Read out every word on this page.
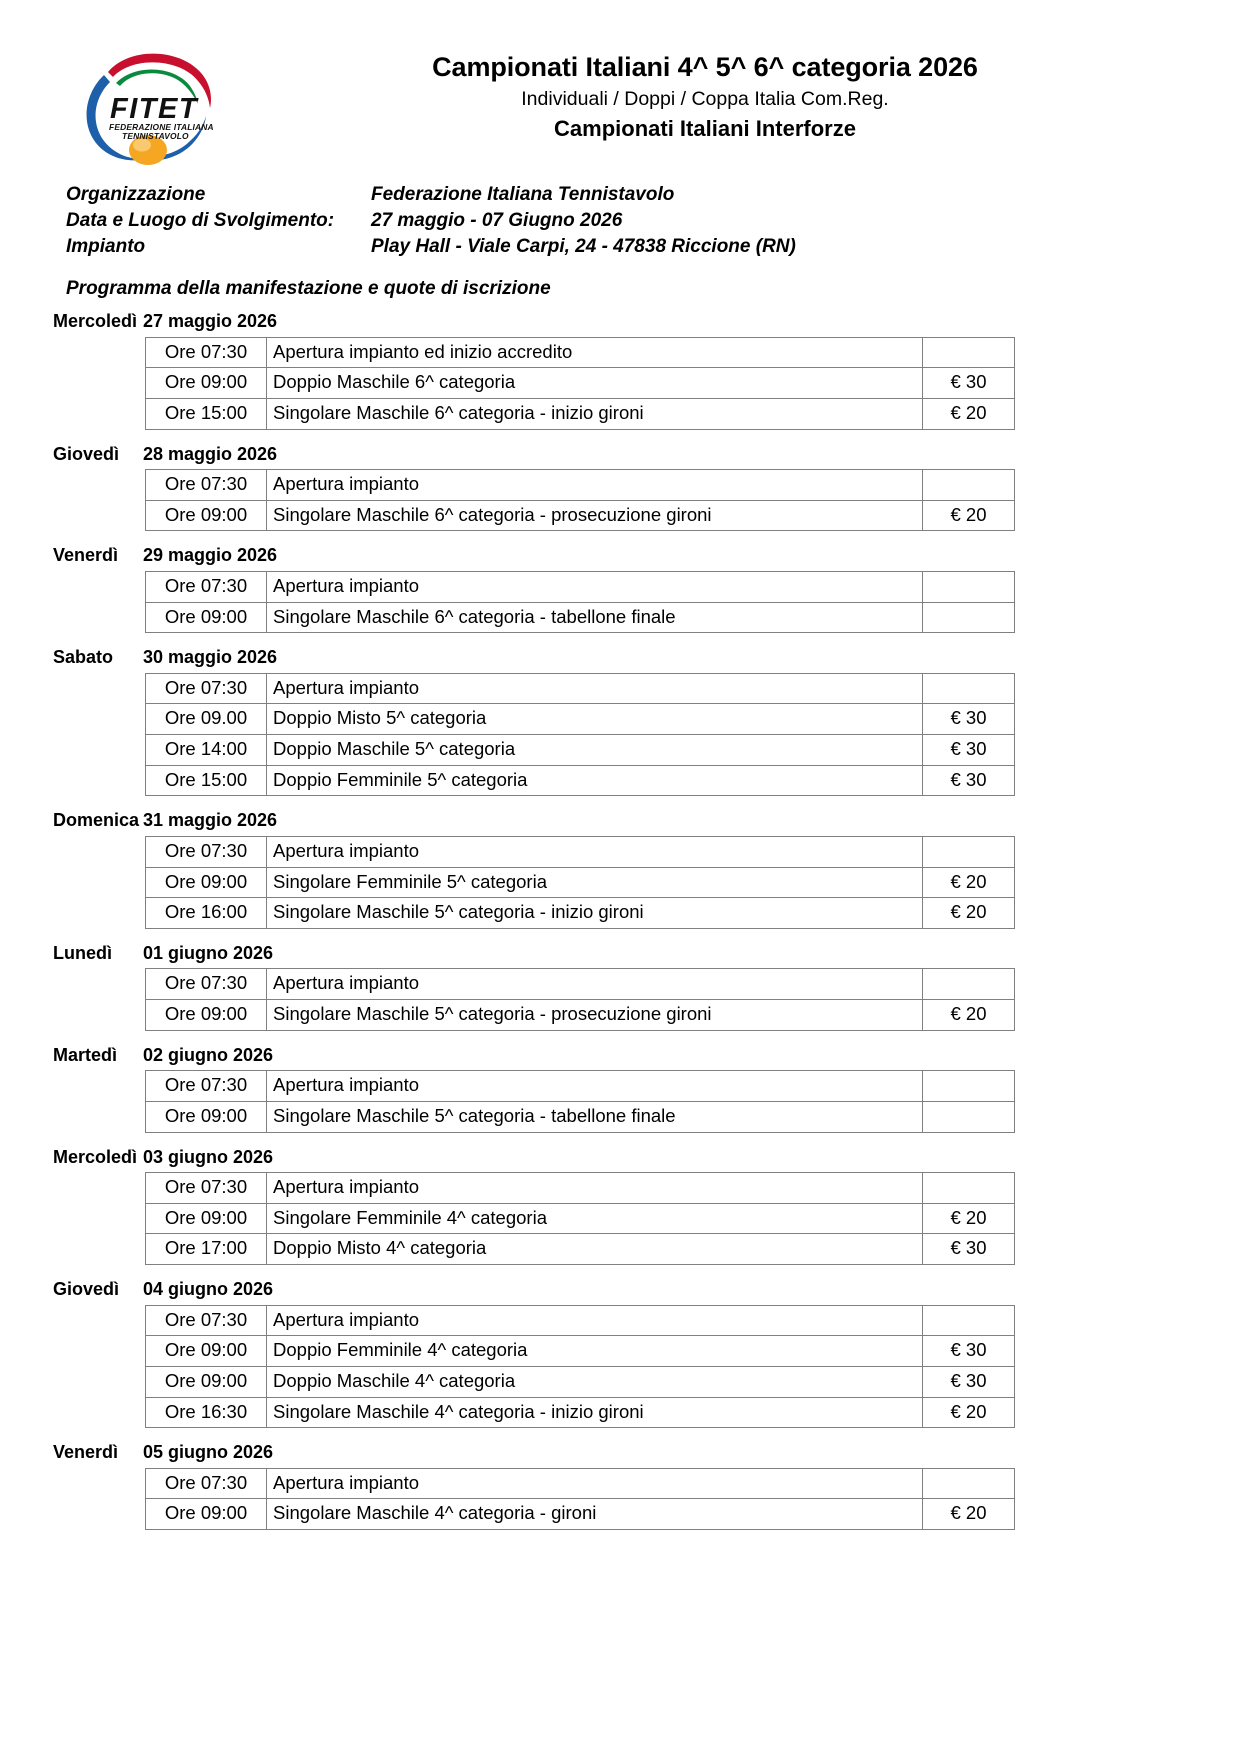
FITET
FEDERAZIONE ITALIANA
TENNISTAVOLO
Campionati Italiani 4^ 5^ 6^ categoria 2026
Individuali / Doppi / Coppa Italia Com.Reg.
Campionati Italiani Interforze
Organizzazione	Federazione Italiana Tennistavolo
Data e Luogo di Svolgimento:	27 maggio - 07 Giugno 2026
Impianto	Play Hall - Viale Carpi, 24 - 47838 Riccione (RN)
Programma della manifestazione e quote di iscrizione
Mercoledì 27 maggio 2026
Ore 07:30	Apertura impianto ed inizio accredito	
Ore 09:00	Doppio Maschile 6^ categoria	€ 30
Ore 15:00	Singolare Maschile 6^ categoria - inizio gironi	€ 20
Giovedì	28 maggio 2026
Ore 07:30	Apertura impianto	
Ore 09:00	Singolare Maschile 6^ categoria - prosecuzione gironi	€ 20
Venerdì	29 maggio 2026
Ore 07:30	Apertura impianto	
Ore 09:00	Singolare Maschile 6^ categoria - tabellone finale	
Sabato	30 maggio 2026
Ore 07:30	Apertura impianto	
Ore 09.00	Doppio Misto 5^ categoria	€ 30
Ore 14:00	Doppio Maschile 5^ categoria	€ 30
Ore 15:00	Doppio Femminile 5^ categoria	€ 30
Domenica 31 maggio 2026
Ore 07:30	Apertura impianto	
Ore 09:00	Singolare Femminile 5^ categoria	€ 20
Ore 16:00	Singolare Maschile 5^ categoria - inizio gironi	€ 20
Lunedì	01 giugno 2026
Ore 07:30	Apertura impianto	
Ore 09:00	Singolare Maschile 5^ categoria - prosecuzione gironi	€ 20
Martedì	02 giugno 2026
Ore 07:30	Apertura impianto	
Ore 09:00	Singolare Maschile 5^ categoria - tabellone finale	
Mercoledì 03 giugno 2026
Ore 07:30	Apertura impianto	
Ore 09:00	Singolare Femminile 4^ categoria	€ 20
Ore 17:00	Doppio Misto 4^ categoria	€ 30
Giovedì	04 giugno 2026
Ore 07:30	Apertura impianto	
Ore 09:00	Doppio Femminile 4^ categoria	€ 30
Ore 09:00	Doppio Maschile 4^ categoria	€ 30
Ore 16:30	Singolare Maschile 4^ categoria - inizio gironi	€ 20
Venerdì	05 giugno 2026
Ore 07:30	Apertura impianto	
Ore 09:00	Singolare Maschile 4^ categoria - gironi	€ 20
